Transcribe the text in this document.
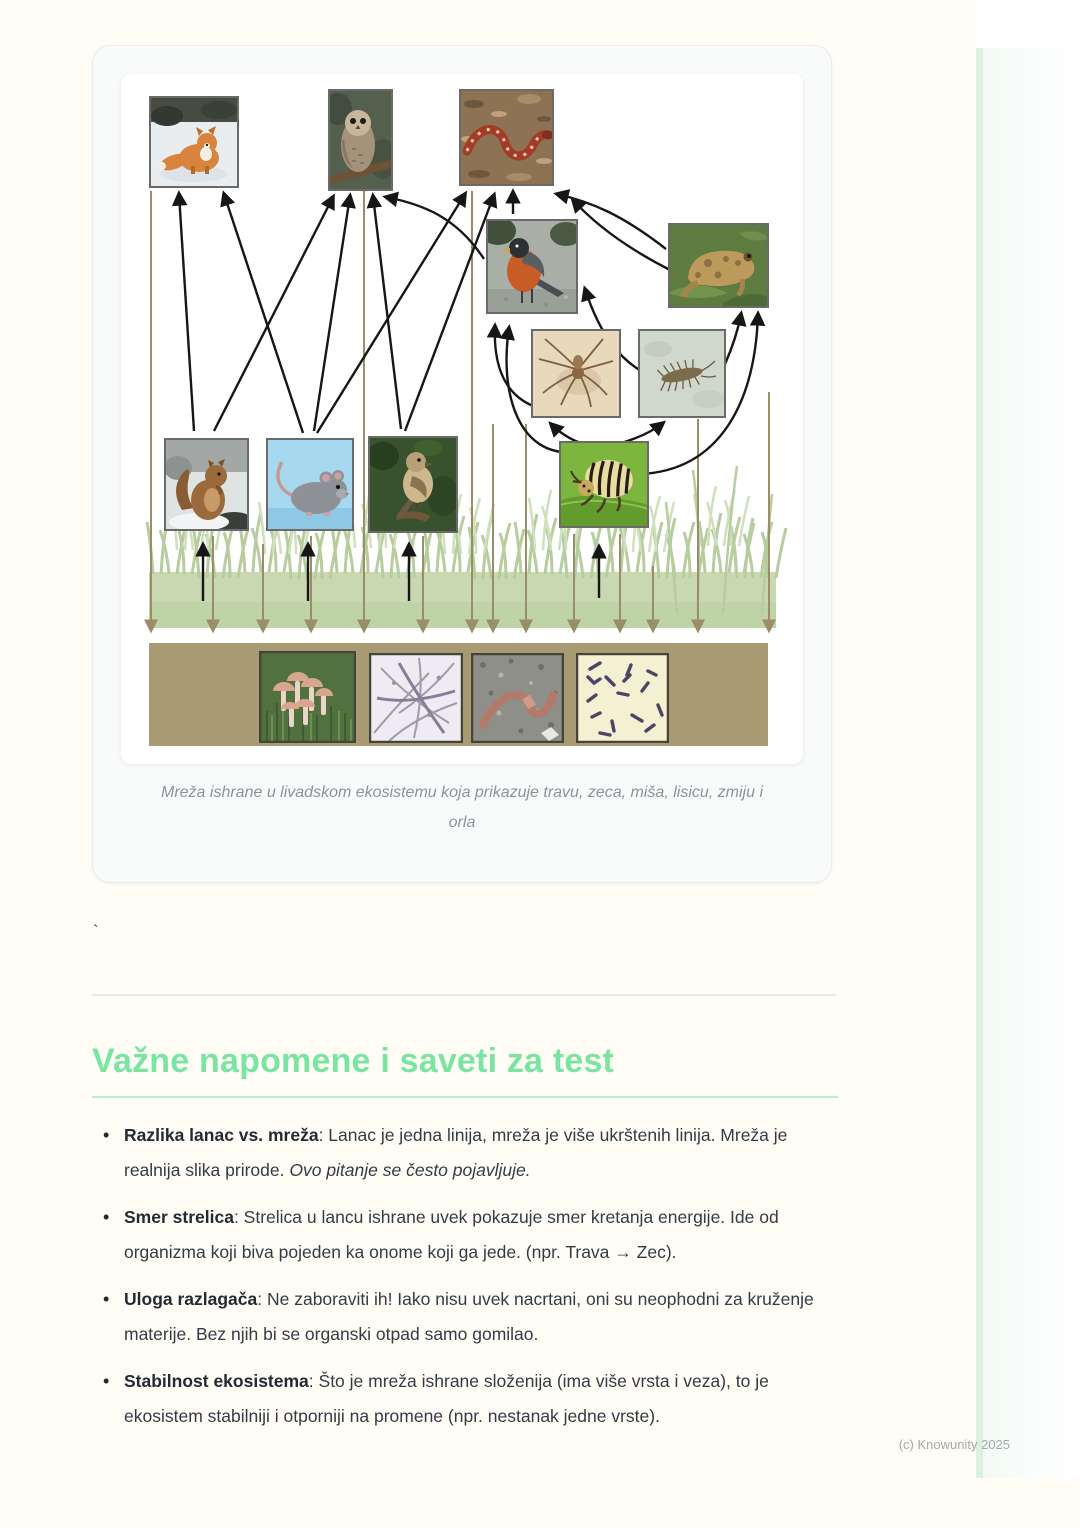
Mreža ishrane u livadskom ekosistemu koja prikazuje travu, zeca, miša, lisicu, zmiju i orla
`
Važne napomene i saveti za test
• Razlika lanac vs. mreža: Lanac je jedna linija, mreža je više ukrštenih linija. Mreža je realnija slika prirode. Ovo pitanje se često pojavljuje.
• Smer strelica: Strelica u lancu ishrane uvek pokazuje smer kretanja energije. Ide od organizma koji biva pojeden ka onome koji ga jede. (npr. Trava → Zec).
• Uloga razlagača: Ne zaboraviti ih! Iako nisu uvek nacrtani, oni su neophodni za kruženje materije. Bez njih bi se organski otpad samo gomilao.
• Stabilnost ekosistema: Što je mreža ishrane složenija (ima više vrsta i veza), to je ekosistem stabilniji i otporniji na promene (npr. nestanak jedne vrste).
(c) Knowunity 2025
